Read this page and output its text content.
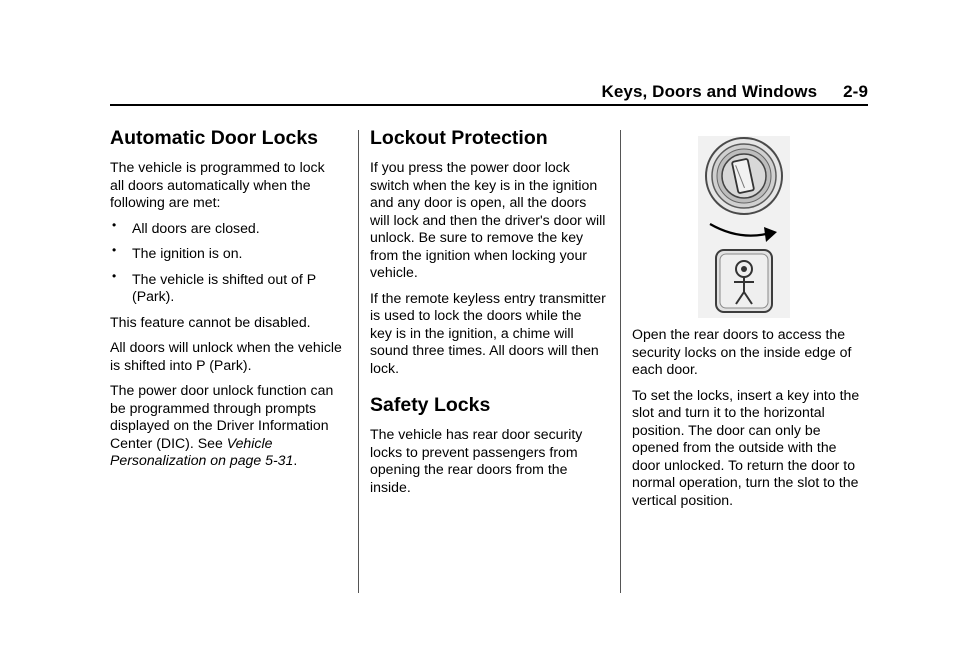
Keys, Doors and Windows 2-9
Automatic Door Locks

The vehicle is programmed to lock all doors automatically when the following are met:

• All doors are closed.
• The ignition is on.
• The vehicle is shifted out of P (Park).

This feature cannot be disabled.

All doors will unlock when the vehicle is shifted into P (Park).

The power door unlock function can be programmed through prompts displayed on the Driver Information Center (DIC). See Vehicle Personalization on page 5-31.

Lockout Protection

If you press the power door lock switch when the key is in the ignition and any door is open, all the doors will lock and then the driver's door will unlock. Be sure to remove the key from the ignition when locking your vehicle.

If the remote keyless entry transmitter is used to lock the doors while the key is in the ignition, a chime will sound three times. All doors will then lock.

Safety Locks

The vehicle has rear door security locks to prevent passengers from opening the rear doors from the inside.

Open the rear doors to access the security locks on the inside edge of each door.

To set the locks, insert a key into the slot and turn it to the horizontal position. The door can only be opened from the outside with the door unlocked. To return the door to normal operation, turn the slot to the vertical position.
